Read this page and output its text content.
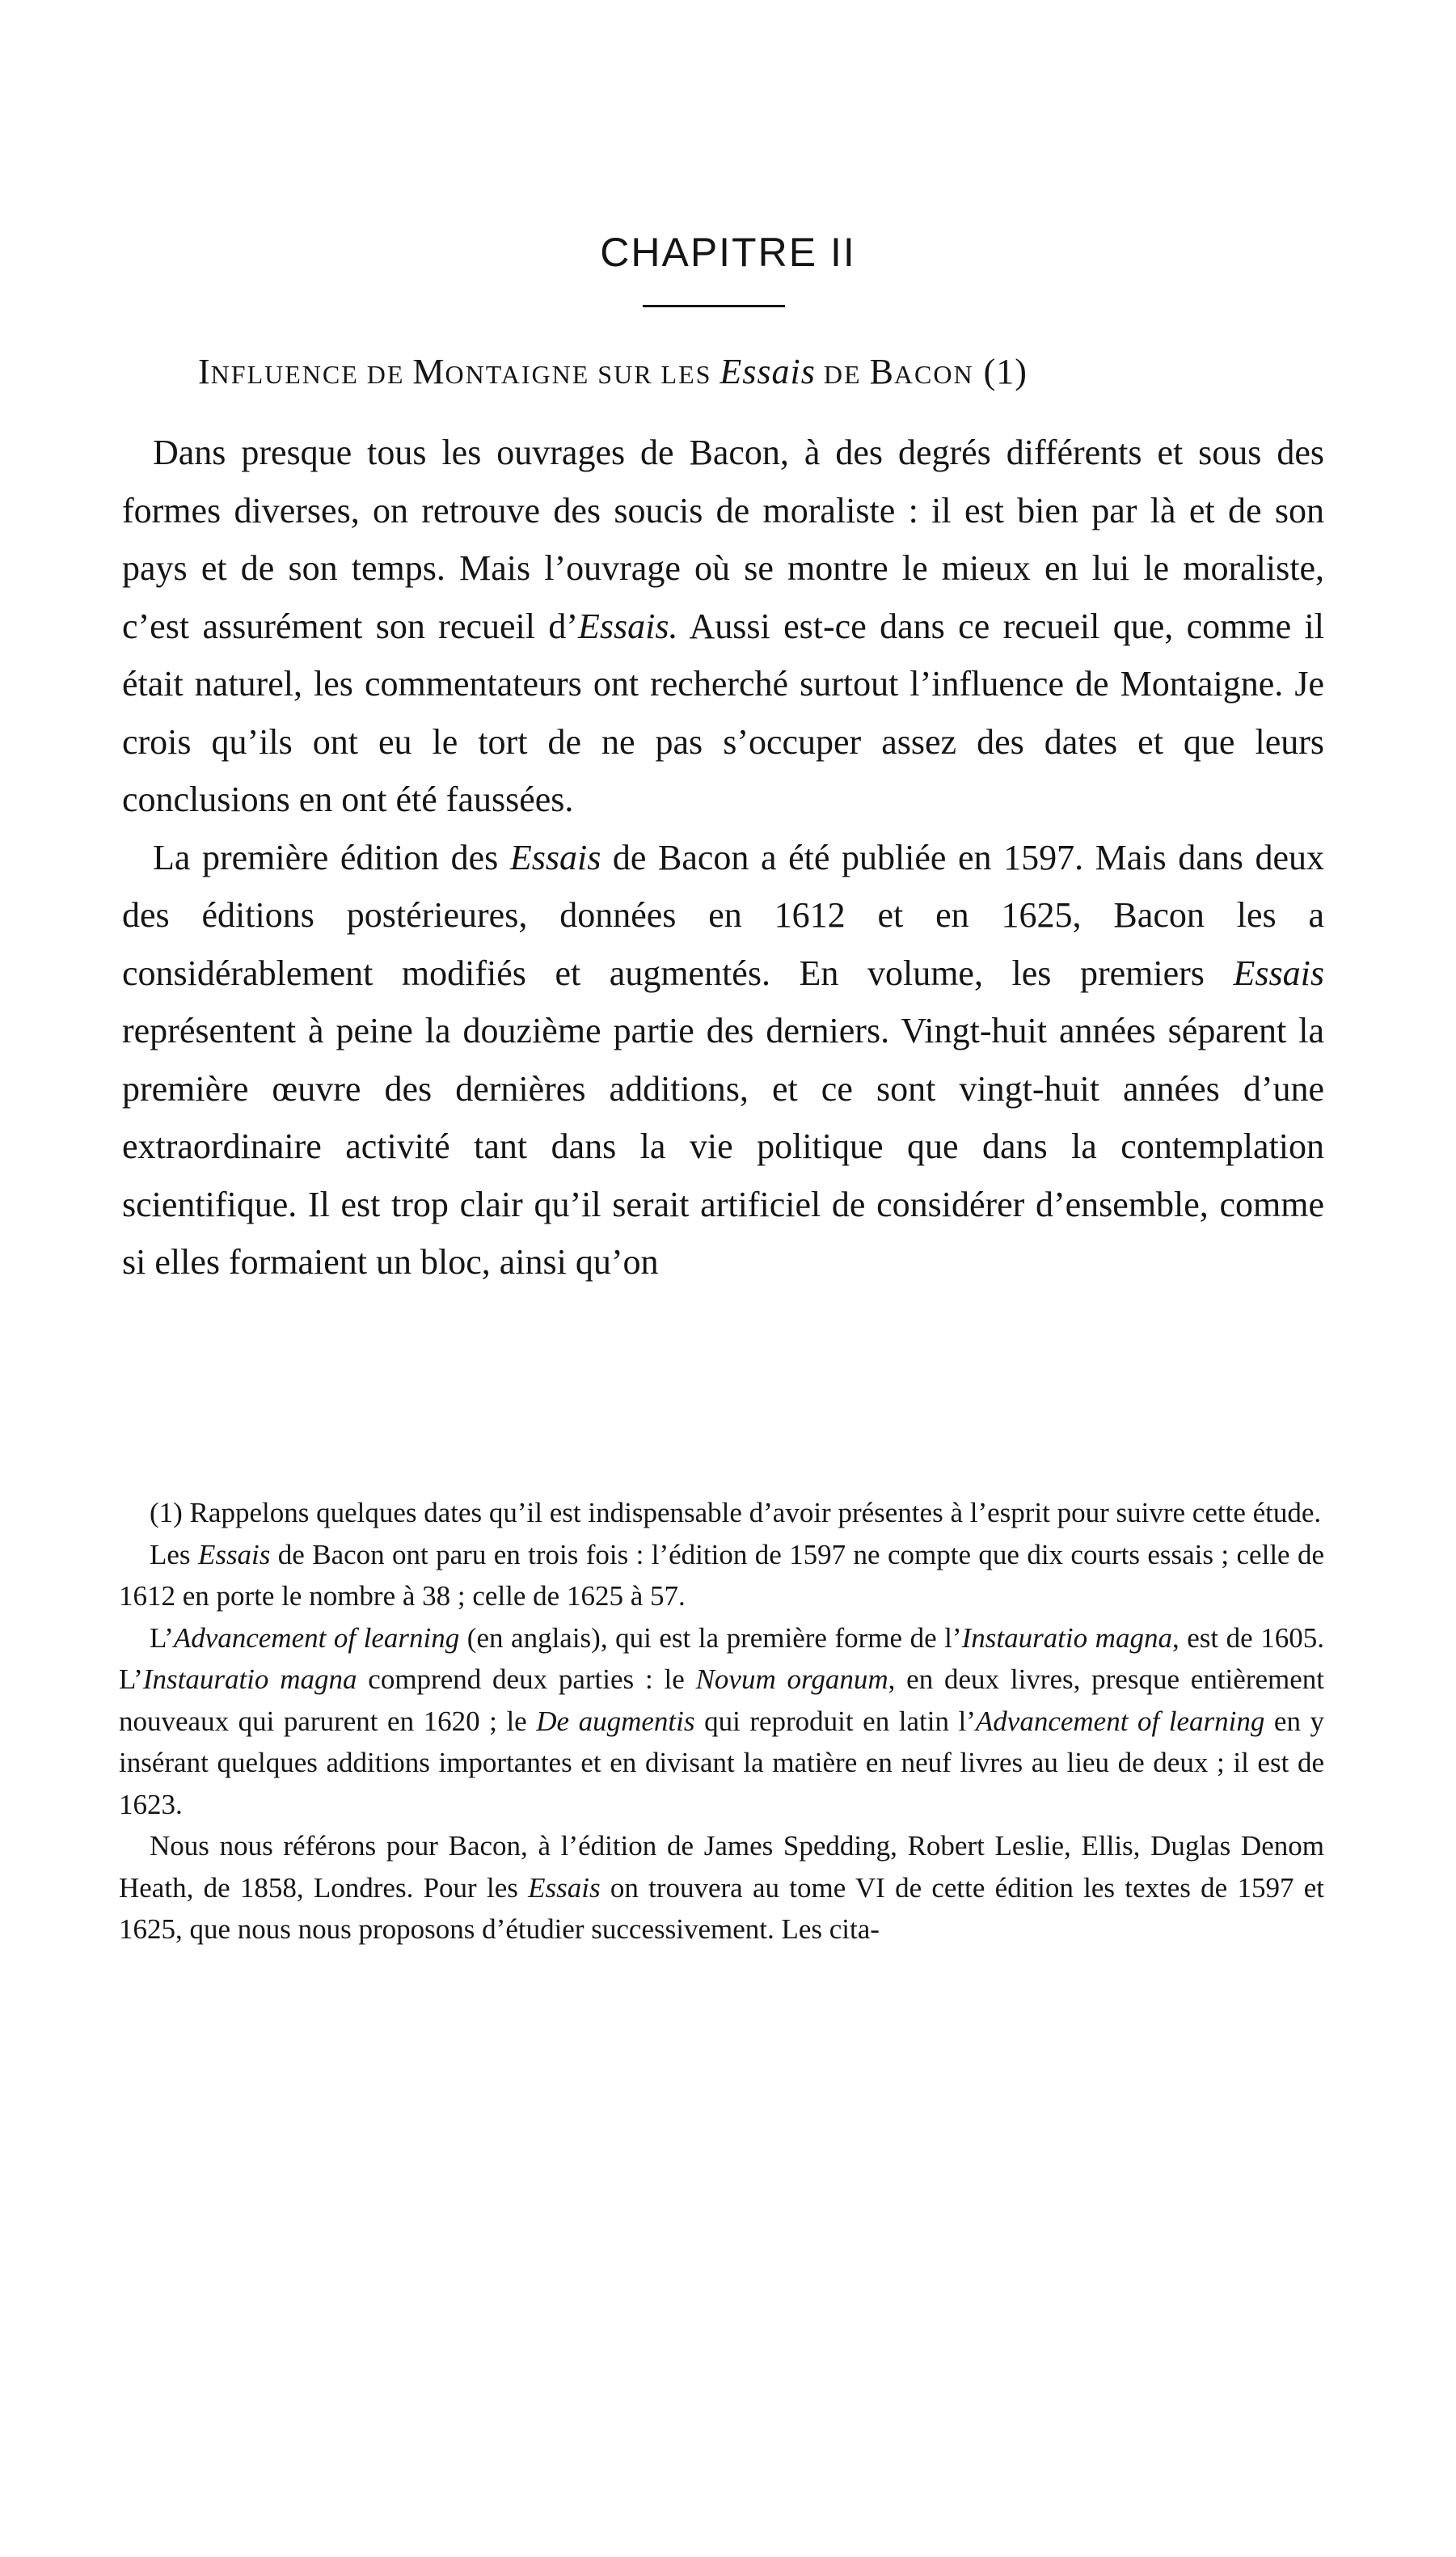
CHAPITRE II
INFLUENCE DE MONTAIGNE SUR LES Essais DE BACON (1)

Dans presque tous les ouvrages de Bacon, à des degrés différents et sous des formes diverses, on retrouve des soucis de moraliste : il est bien par là et de son pays et de son temps. Mais l’ouvrage où se montre le mieux en lui le moraliste, c’est assurément son recueil d’Essais. Aussi est-ce dans ce recueil que, comme il était naturel, les commentateurs ont recherché surtout l’influence de Montaigne. Je crois qu’ils ont eu le tort de ne pas s’occuper assez des dates et que leurs conclusions en ont été faussées.

La première édition des Essais de Bacon a été publiée en 1597. Mais dans deux des éditions postérieures, données en 1612 et en 1625, Bacon les a considérablement modifiés et augmentés. En volume, les premiers Essais représentent à peine la douzième partie des derniers. Vingt-huit années séparent la première œuvre des dernières additions, et ce sont vingt-huit années d’une extraordinaire activité tant dans la vie politique que dans la contemplation scientifique. Il est trop clair qu’il serait artificiel de considérer d’ensemble, comme si elles formaient un bloc, ainsi qu’on

(1) Rappelons quelques dates qu’il est indispensable d’avoir présentes à l’esprit pour suivre cette étude.

Les Essais de Bacon ont paru en trois fois : l’édition de 1597 ne compte que dix courts essais ; celle de 1612 en porte le nombre à 38 ; celle de 1625 à 57.

L’Advancement of learning (en anglais), qui est la première forme de l’Instauratio magna, est de 1605. L’Instauratio magna comprend deux parties : le Novum organum, en deux livres, presque entièrement nouveaux qui parurent en 1620 ; le De augmentis qui reproduit en latin l’Advancement of learning en y insérant quelques additions importantes et en divisant la matière en neuf livres au lieu de deux ; il est de 1623.

Nous nous référons pour Bacon, à l’édition de James Spedding, Robert Leslie, Ellis, Duglas Denom Heath, de 1858, Londres. Pour les Essais on trouvera au tome VI de cette édition les textes de 1597 et 1625, que nous nous proposons d’étudier successivement. Les cita-
